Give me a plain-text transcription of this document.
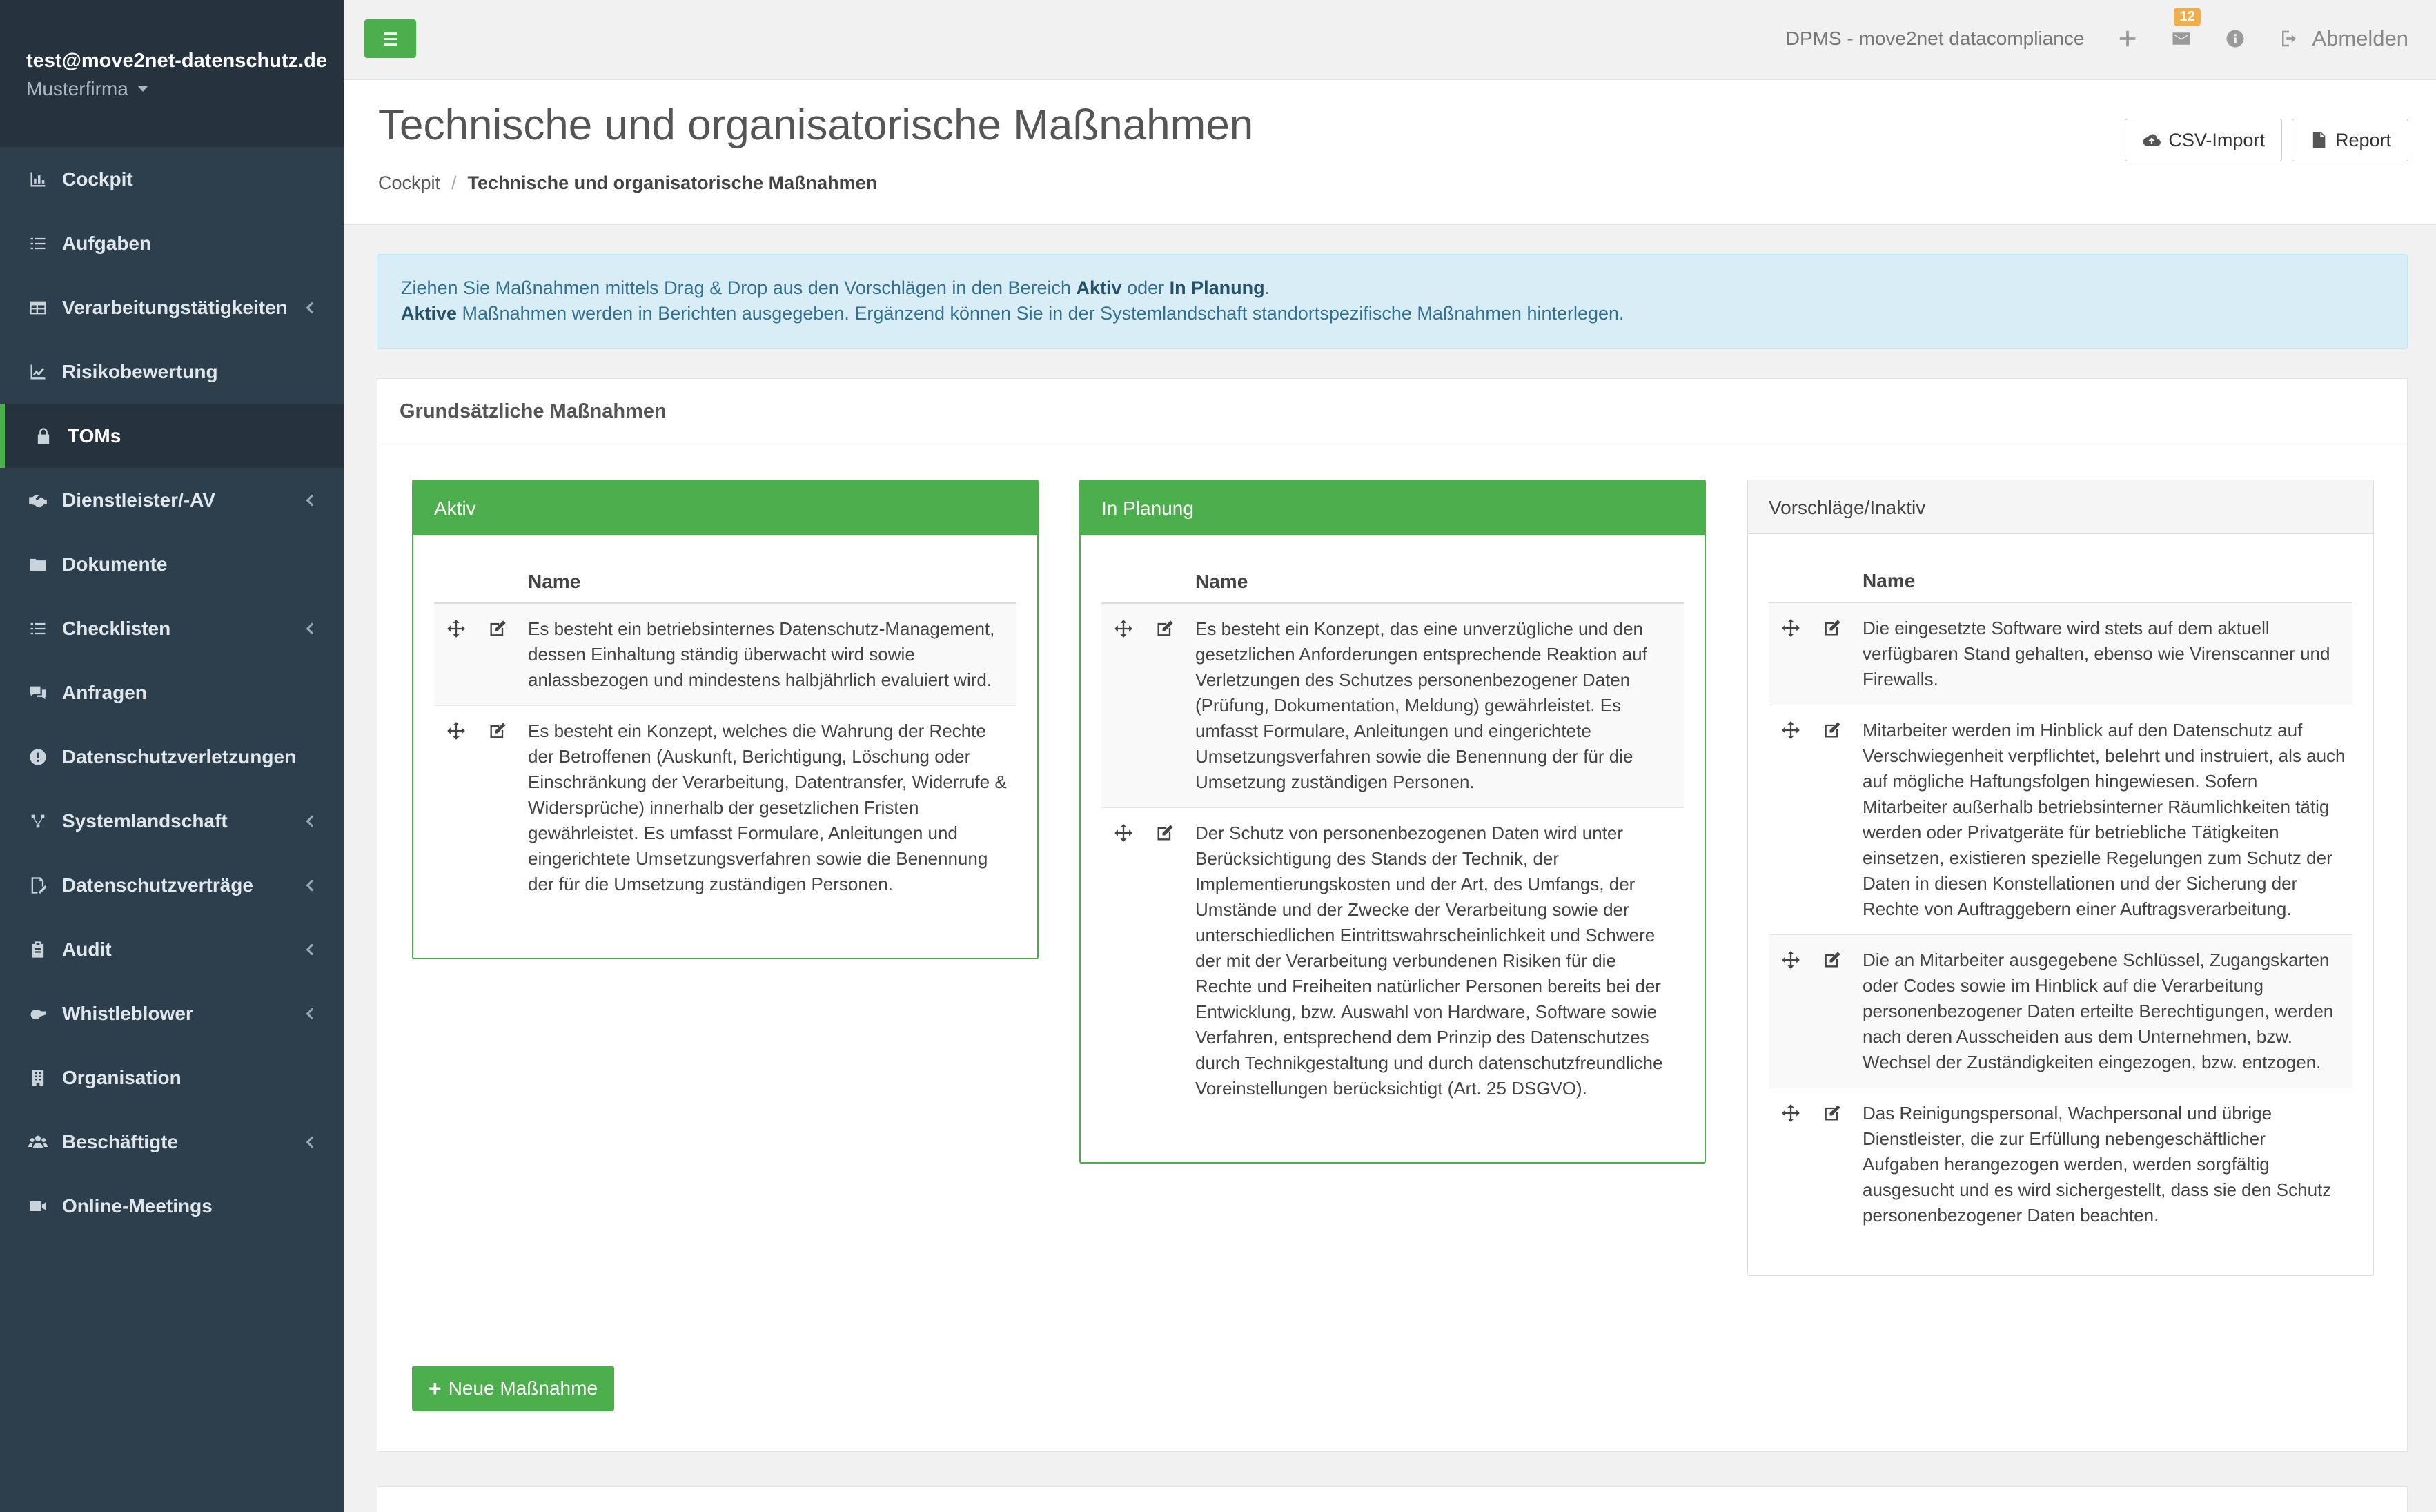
test@move2net-datenschutz.de
Musterfirma
Cockpit
Aufgaben
Verarbeitungstätigkeiten
Risikobewertung
TOMs
Dienstleister/-AV
Dokumente
Checklisten
Anfragen
Datenschutzverletzungen
Systemlandschaft
Datenschutzverträge
Audit
Whistleblower
Organisation
Beschäftigte
Online-Meetings
DPMS - move2net datacompliance
12
Abmelden
Technische und organisatorische Maßnahmen
Cockpit / Technische und organisatorische Maßnahmen
CSV-Import	Report
Ziehen Sie Maßnahmen mittels Drag & Drop aus den Vorschlägen in den Bereich Aktiv oder In Planung.
Aktive Maßnahmen werden in Berichten ausgegeben. Ergänzend können Sie in der Systemlandschaft standortspezifische Maßnahmen hinterlegen.
Grundsätzliche Maßnahmen
Aktiv
Name
Es besteht ein betriebsinternes Datenschutz-Management, dessen Einhaltung ständig überwacht wird sowie anlassbezogen und mindestens halbjährlich evaluiert wird.
Es besteht ein Konzept, welches die Wahrung der Rechte der Betroffenen (Auskunft, Berichtigung, Löschung oder Einschränkung der Verarbeitung, Datentransfer, Widerrufe & Widersprüche) innerhalb der gesetzlichen Fristen gewährleistet. Es umfasst Formulare, Anleitungen und eingerichtete Umsetzungsverfahren sowie die Benennung der für die Umsetzung zuständigen Personen.
In Planung
Name
Es besteht ein Konzept, das eine unverzügliche und den gesetzlichen Anforderungen entsprechende Reaktion auf Verletzungen des Schutzes personenbezogener Daten (Prüfung, Dokumentation, Meldung) gewährleistet. Es umfasst Formulare, Anleitungen und eingerichtete Umsetzungsverfahren sowie die Benennung der für die Umsetzung zuständigen Personen.
Der Schutz von personenbezogenen Daten wird unter Berücksichtigung des Stands der Technik, der Implementierungskosten und der Art, des Umfangs, der Umstände und der Zwecke der Verarbeitung sowie der unterschiedlichen Eintrittswahrscheinlichkeit und Schwere der mit der Verarbeitung verbundenen Risiken für die Rechte und Freiheiten natürlicher Personen bereits bei der Entwicklung, bzw. Auswahl von Hardware, Software sowie Verfahren, entsprechend dem Prinzip des Datenschutzes durch Technikgestaltung und durch datenschutzfreundliche Voreinstellungen berücksichtigt (Art. 25 DSGVO).
Vorschläge/Inaktiv
Name
Die eingesetzte Software wird stets auf dem aktuell verfügbaren Stand gehalten, ebenso wie Virenscanner und Firewalls.
Mitarbeiter werden im Hinblick auf den Datenschutz auf Verschwiegenheit verpflichtet, belehrt und instruiert, als auch auf mögliche Haftungsfolgen hingewiesen. Sofern Mitarbeiter außerhalb betriebsinterner Räumlichkeiten tätig werden oder Privatgeräte für betriebliche Tätigkeiten einsetzen, existieren spezielle Regelungen zum Schutz der Daten in diesen Konstellationen und der Sicherung der Rechte von Auftraggebern einer Auftragsverarbeitung.
Die an Mitarbeiter ausgegebene Schlüssel, Zugangskarten oder Codes sowie im Hinblick auf die Verarbeitung personenbezogener Daten erteilte Berechtigungen, werden nach deren Ausscheiden aus dem Unternehmen, bzw. Wechsel der Zuständigkeiten eingezogen, bzw. entzogen.
Das Reinigungspersonal, Wachpersonal und übrige Dienstleister, die zur Erfüllung nebengeschäftlicher Aufgaben herangezogen werden, werden sorgfältig ausgesucht und es wird sichergestellt, dass sie den Schutz personenbezogener Daten beachten.
+ Neue Maßnahme
